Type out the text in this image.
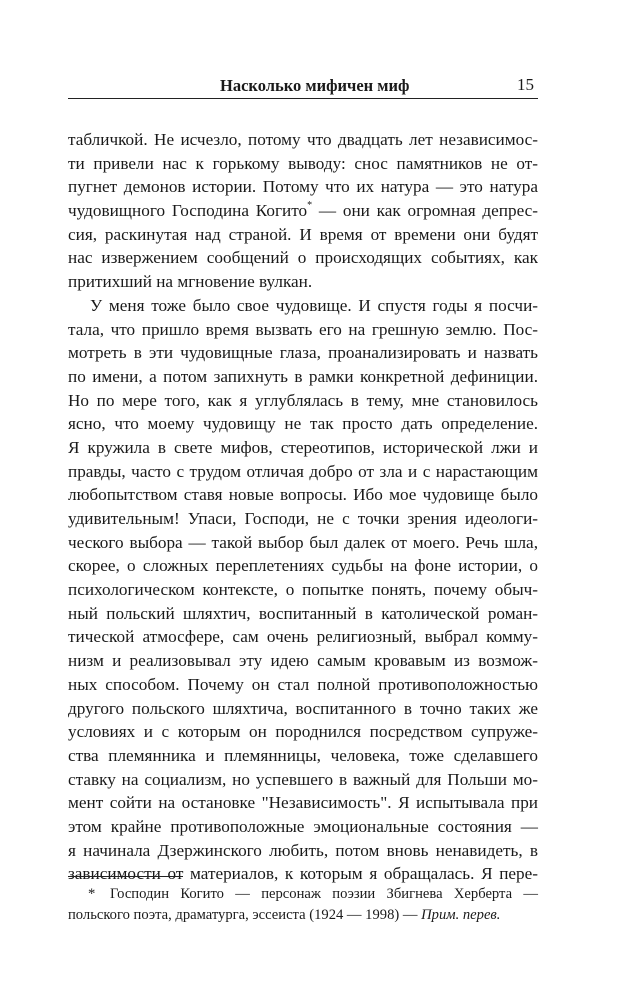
Насколько мифичен миф	15
табличкой. Не исчезло, потому что двадцать лет независимос-
ти привели нас к горькому выводу: снос памятников не от-
пугнет демонов истории. Потому что их натура — это натура
чудовищного Господина Когито* — они как огромная депрес-
сия, раскинутая над страной. И время от времени они будят
нас извержением сообщений о происходящих событиях, как
притихший на мгновение вулкан.
У меня тоже было свое чудовище. И спустя годы я посчи-
тала, что пришло время вызвать его на грешную землю. Пос-
мотреть в эти чудовищные глаза, проанализировать и назвать
по имени, а потом запихнуть в рамки конкретной дефиниции.
Но по мере того, как я углублялась в тему, мне становилось
ясно, что моему чудовищу не так просто дать определение.
Я кружила в свете мифов, стереотипов, исторической лжи и
правды, часто с трудом отличая добро от зла и с нарастающим
любопытством ставя новые вопросы. Ибо мое чудовище было
удивительным! Упаси, Господи, не с точки зрения идеологи-
ческого выбора — такой выбор был далек от моего. Речь шла,
скорее, о сложных переплетениях судьбы на фоне истории, о
психологическом контексте, о попытке понять, почему обыч-
ный польский шляхтич, воспитанный в католической роман-
тической атмосфере, сам очень религиозный, выбрал комму-
низм и реализовывал эту идею самым кровавым из возмож-
ных способом. Почему он стал полной противоположностью
другого польского шляхтича, воспитанного в точно таких же
условиях и с которым он породнился посредством супруже-
ства племянника и племянницы, человека, тоже сделавшего
ставку на социализм, но успевшего в важный для Польши мо-
мент сойти на остановке "Независимость". Я испытывала при
этом крайне противоположные эмоциональные состояния —
я начинала Дзержинского любить, потом вновь ненавидеть, в
зависимости от материалов, к которым я обращалась. Я пере-
* Господин Когито — персонаж поэзии Збигнева Херберта —
польского поэта, драматурга, эссеиста (1924 — 1998) — Прим. перев.
